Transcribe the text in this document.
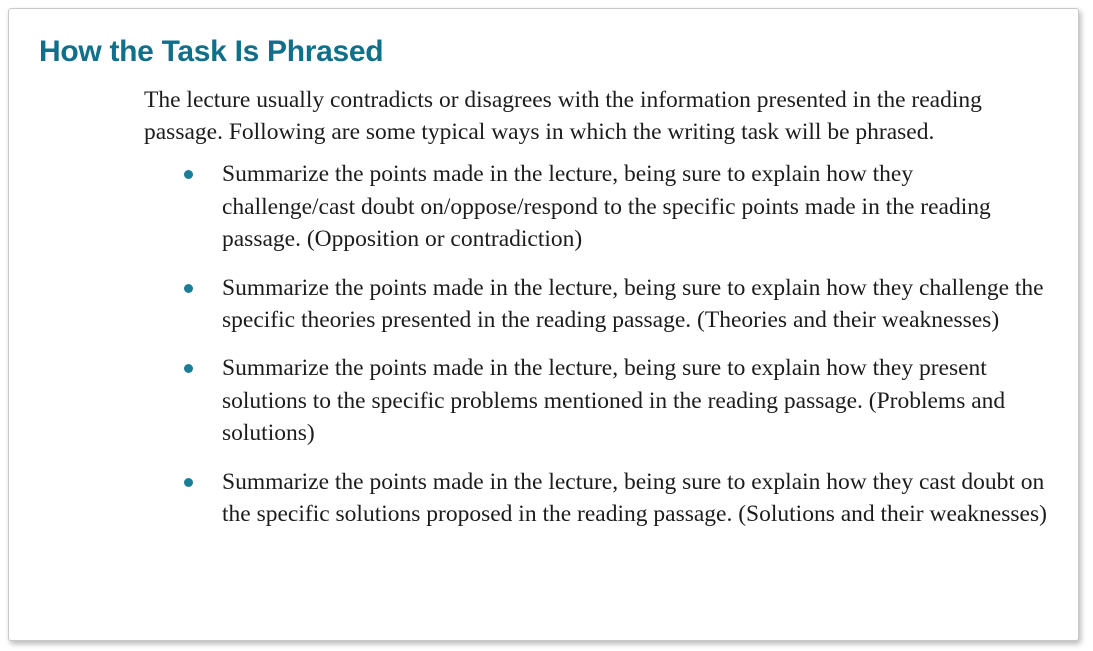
How the Task Is Phrased

The lecture usually contradicts or disagrees with the information presented in the reading passage. Following are some typical ways in which the writing task will be phrased.

Summarize the points made in the lecture, being sure to explain how they challenge/cast doubt on/oppose/respond to the specific points made in the reading passage. (Opposition or contradiction)
Summarize the points made in the lecture, being sure to explain how they challenge the specific theories presented in the reading passage. (Theories and their weaknesses)
Summarize the points made in the lecture, being sure to explain how they present solutions to the specific problems mentioned in the reading passage. (Problems and solutions)
Summarize the points made in the lecture, being sure to explain how they cast doubt on the specific solutions proposed in the reading passage. (Solutions and their weaknesses)
